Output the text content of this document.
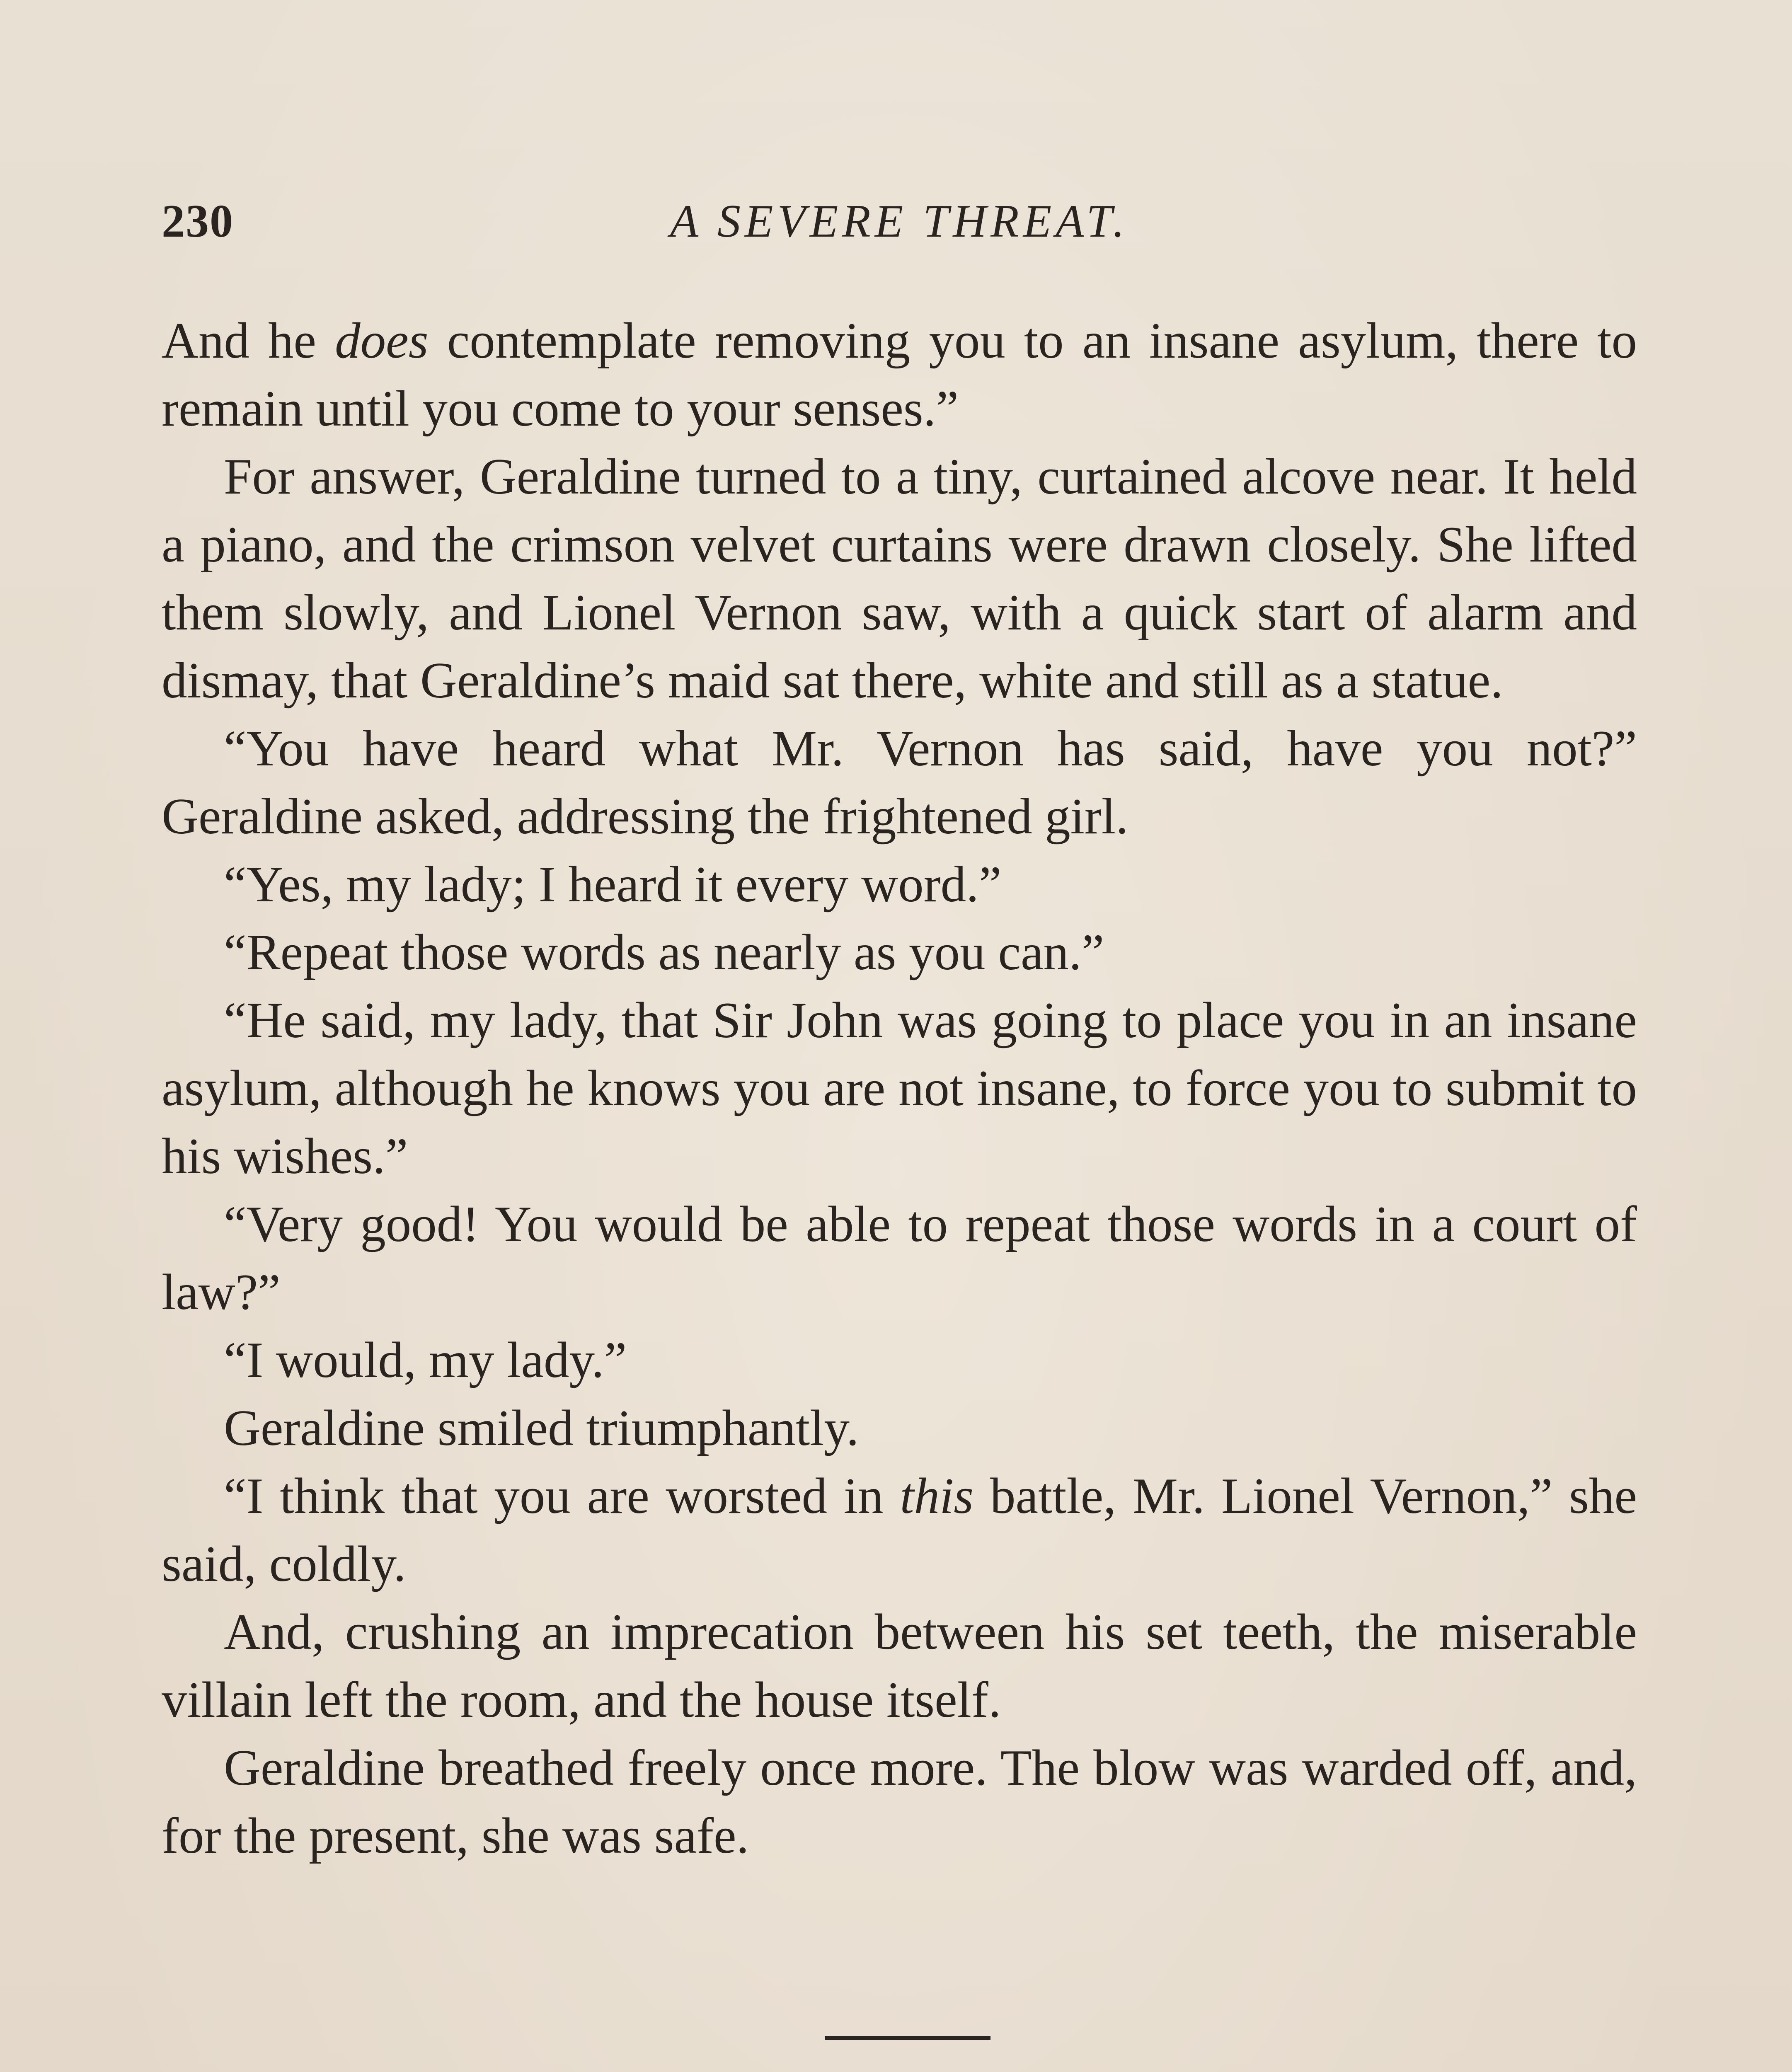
230	A SEVERE THREAT.

And he does contemplate removing you to an insane asylum, there to remain until you come to your senses.”

For answer, Geraldine turned to a tiny, curtained alcove near. It held a piano, and the crimson velvet curtains were drawn closely. She lifted them slowly, and Lionel Vernon saw, with a quick start of alarm and dismay, that Geraldine’s maid sat there, white and still as a statue.

“You have heard what Mr. Vernon has said, have you not?” Geraldine asked, addressing the frightened girl.

“Yes, my lady; I heard it every word.”

“Repeat those words as nearly as you can.”

“He said, my lady, that Sir John was going to place you in an insane asylum, although he knows you are not insane, to force you to submit to his wishes.”

“Very good! You would be able to repeat those words in a court of law?”

“I would, my lady.”

Geraldine smiled triumphantly.

“I think that you are worsted in this battle, Mr. Lionel Vernon,” she said, coldly.

And, crushing an imprecation between his set teeth, the miserable villain left the room, and the house itself.

Geraldine breathed freely once more. The blow was warded off, and, for the present, she was safe.
